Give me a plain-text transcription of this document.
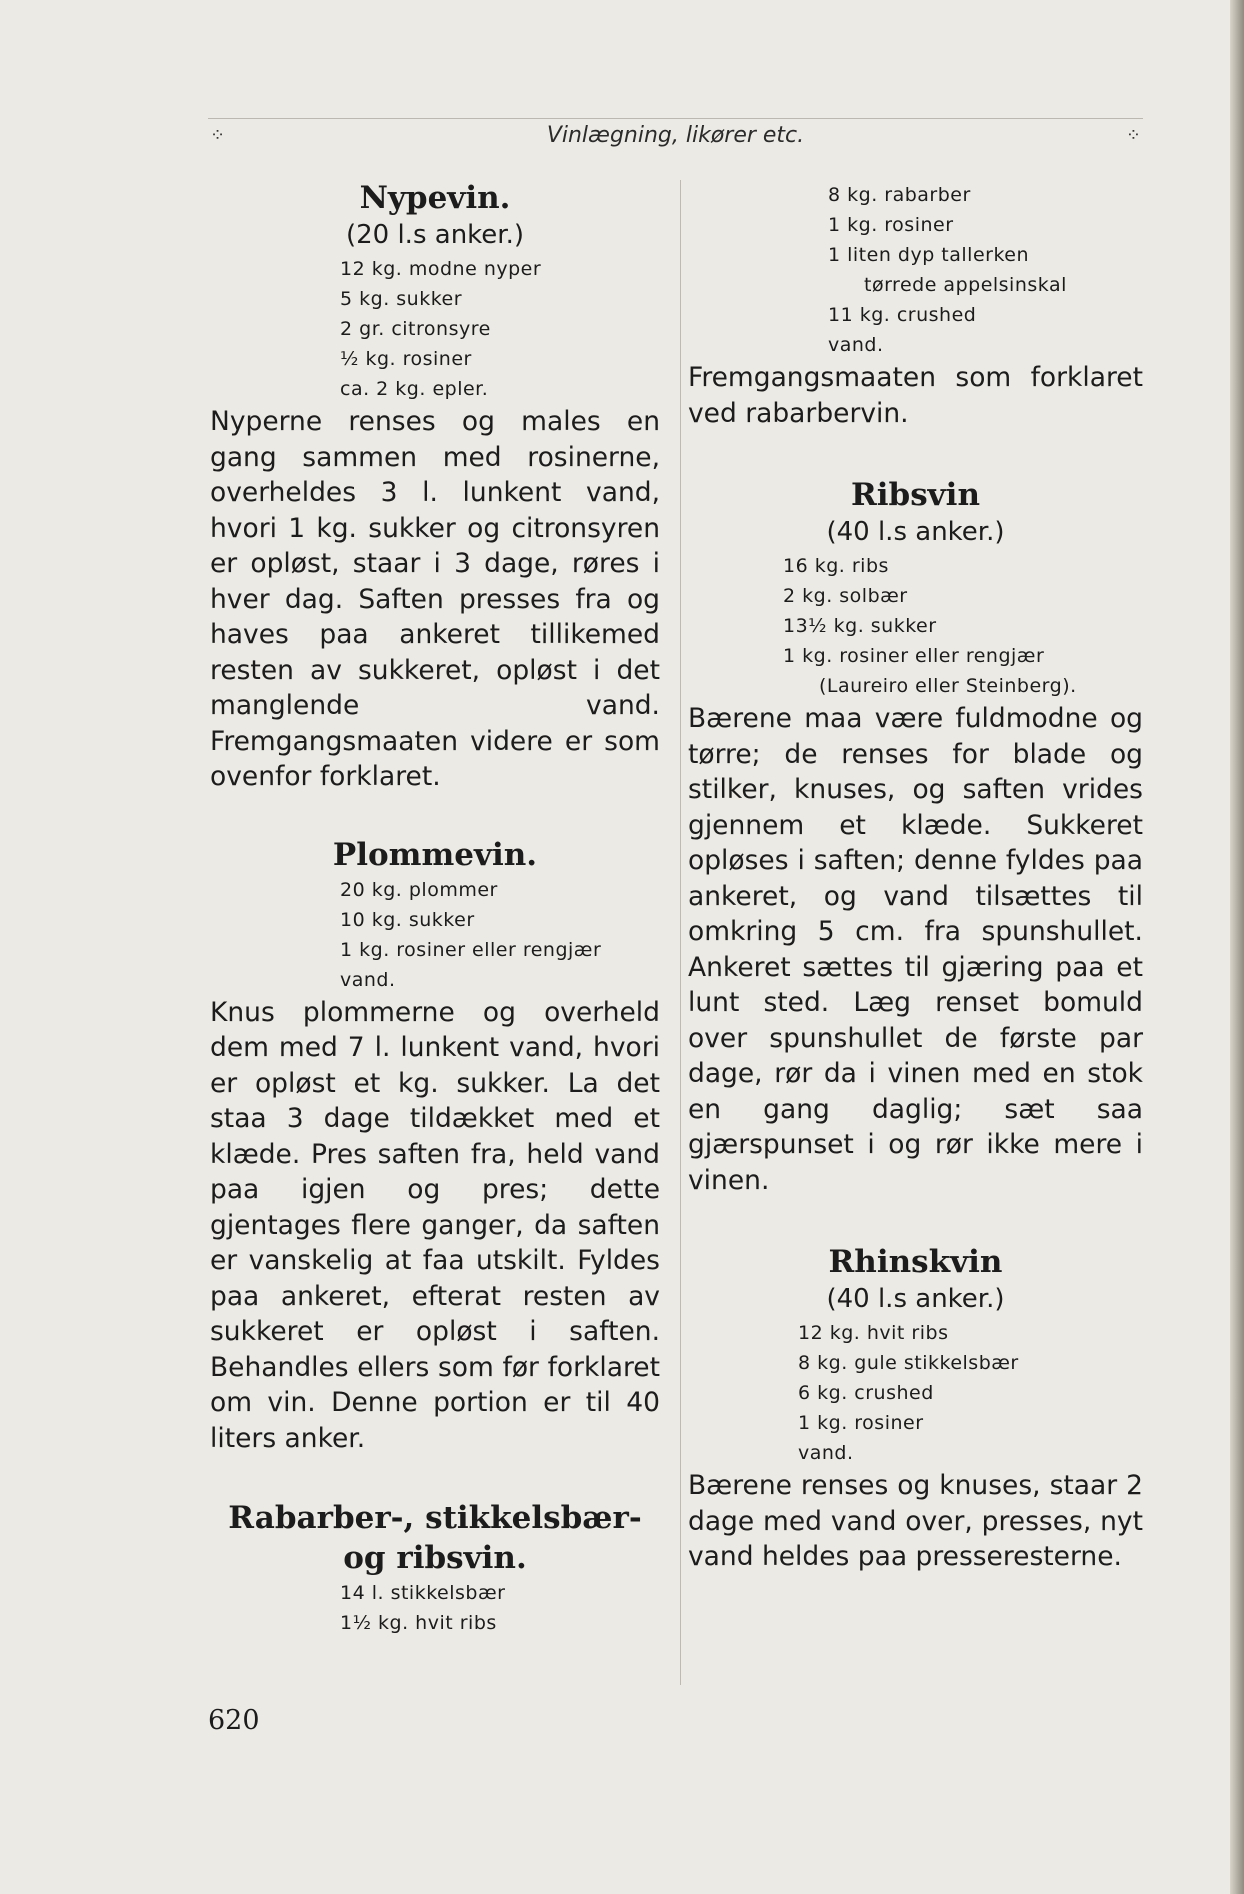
⁘	Vinlægning, likører etc.	⁘
Nypevin.

(20 l.s anker.)

12 kg. modne nyper
5 kg. sukker
2 gr. citronsyre
½ kg. rosiner
ca. 2 kg. epler.

Nyperne renses og males en gang sammen med rosinerne, overheldes 3 l. lunkent vand, hvori 1 kg. sukker og citronsyren er opløst, staar i 3 dage, røres i hver dag. Saften presses fra og haves paa ankeret tillikemed resten av sukkeret, opløst i det manglende vand. Fremgangsmaaten videre er som ovenfor forklaret.

Plommevin.
20 kg. plommer
10 kg. sukker
1 kg. rosiner eller rengjær
vand.

Knus plommerne og overheld dem med 7 l. lunkent vand, hvori er opløst et kg. sukker. La det staa 3 dage tildækket med et klæde. Pres saften fra, held vand paa igjen og pres; dette gjentages flere ganger, da saften er vanskelig at faa utskilt. Fyldes paa ankeret, efterat resten av sukkeret er opløst i saften. Behandles ellers som før forklaret om vin. Denne portion er til 40 liters anker.

Rabarber-, stikkelsbær- og ribsvin.
14 l. stikkelsbær
1½ kg. hvit ribs
8 kg. rabarber
1 kg. rosiner
1 liten dyp tallerken
tørrede appelsinskal
11 kg. crushed
vand.

Fremgangsmaaten som forklaret ved rabarbervin.

Ribsvin

(40 l.s anker.)

16 kg. ribs
2 kg. solbær
13½ kg. sukker
1 kg. rosiner eller rengjær
(Laureiro eller Steinberg).

Bærene maa være fuldmodne og tørre; de renses for blade og stilker, knuses, og saften vrides gjennem et klæde. Sukkeret opløses i saften; denne fyldes paa ankeret, og vand tilsættes til omkring 5 cm. fra spunshullet. Ankeret sættes til gjæring paa et lunt sted. Læg renset bomuld over spunshullet de første par dage, rør da i vinen med en stok en gang daglig; sæt saa gjærspunset i og rør ikke mere i vinen.

Rhinskvin

(40 l.s anker.)

12 kg. hvit ribs
8 kg. gule stikkelsbær
6 kg. crushed
1 kg. rosiner
vand.

Bærene renses og knuses, staar 2 dage med vand over, presses, nyt vand heldes paa presseresterne.

620
